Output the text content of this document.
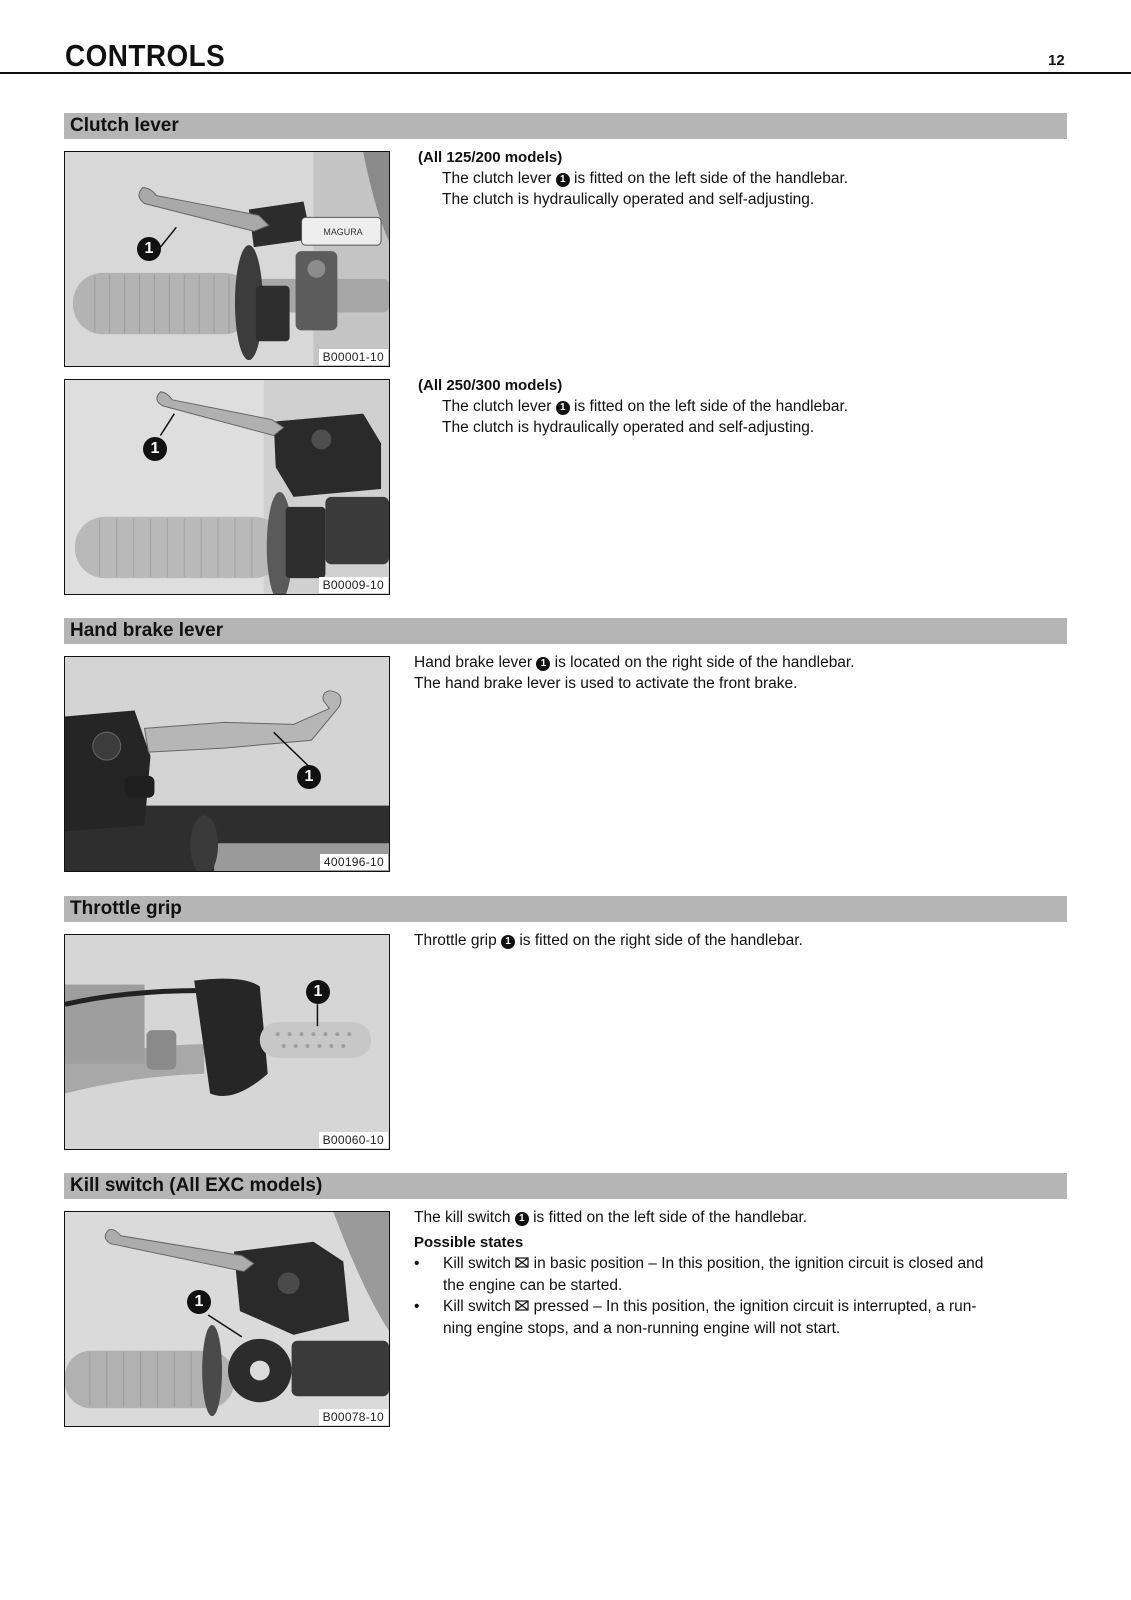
CONTROLS	12
Clutch lever
MAGURA
1
B00001-10

(All 125/200 models)

The clutch lever 1 is fitted on the left side of the handlebar.

The clutch is hydraulically operated and self-adjusting.

1
B00009-10

(All 250/300 models)

The clutch lever 1 is fitted on the left side of the handlebar.

The clutch is hydraulically operated and self-adjusting.

Hand brake lever
1
400196-10

Hand brake lever 1 is located on the right side of the handlebar.

The hand brake lever is used to activate the front brake.

Throttle grip
1
B00060-10

Throttle grip 1 is fitted on the right side of the handlebar.

Kill switch (All EXC models)
1
B00078-10

The kill switch 1 is fitted on the left side of the handlebar.

Possible states

• Kill switch in basic position – In this position, the ignition circuit is closed and
the engine can be started.

• Kill switch pressed – In this position, the ignition circuit is interrupted, a run-
ning engine stops, and a non-running engine will not start.
